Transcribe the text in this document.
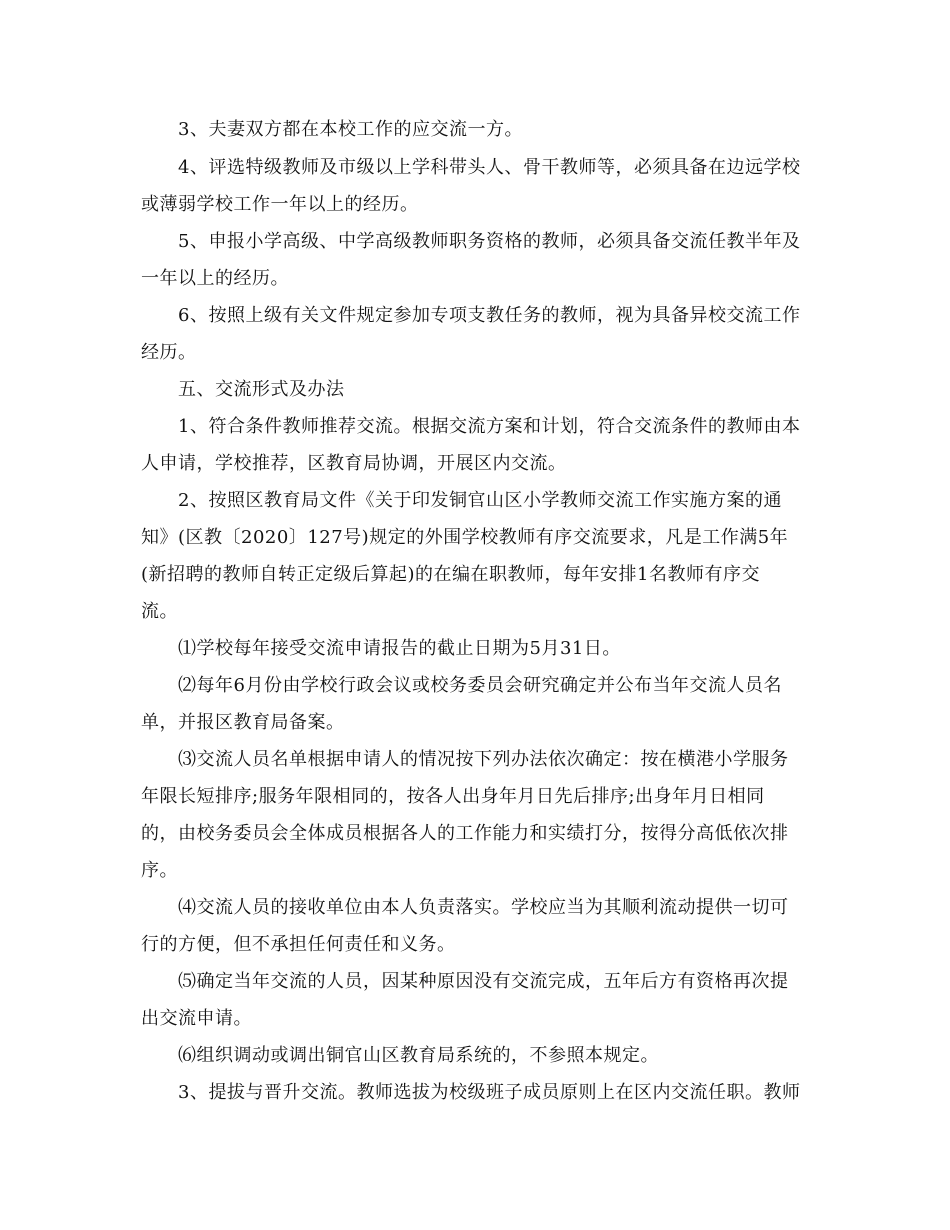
3、夫妻双方都在本校工作的应交流一方。
4、评选特级教师及市级以上学科带头人、骨干教师等，必须具备在边远学校
或薄弱学校工作一年以上的经历。
5、申报小学高级、中学高级教师职务资格的教师，必须具备交流任教半年及
一年以上的经历。
6、按照上级有关文件规定参加专项支教任务的教师，视为具备异校交流工作
经历。
五、交流形式及办法
1、符合条件教师推荐交流。根据交流方案和计划，符合交流条件的教师由本
人申请，学校推荐，区教育局协调，开展区内交流。
2、按照区教育局文件《关于印发铜官山区小学教师交流工作实施方案的通
知》(区教〔2020〕127号)规定的外围学校教师有序交流要求，凡是工作满5年
(新招聘的教师自转正定级后算起)的在编在职教师，每年安排1名教师有序交
流。
⑴学校每年接受交流申请报告的截止日期为5月31日。
⑵每年6月份由学校行政会议或校务委员会研究确定并公布当年交流人员名
单，并报区教育局备案。
⑶交流人员名单根据申请人的情况按下列办法依次确定：按在横港小学服务
年限长短排序;服务年限相同的，按各人出身年月日先后排序;出身年月日相同
的，由校务委员会全体成员根据各人的工作能力和实绩打分，按得分高低依次排
序。
⑷交流人员的接收单位由本人负责落实。学校应当为其顺利流动提供一切可
行的方便，但不承担任何责任和义务。
⑸确定当年交流的人员，因某种原因没有交流完成，五年后方有资格再次提
出交流申请。
⑹组织调动或调出铜官山区教育局系统的，不参照本规定。
3、提拔与晋升交流。教师选拔为校级班子成员原则上在区内交流任职。教师
